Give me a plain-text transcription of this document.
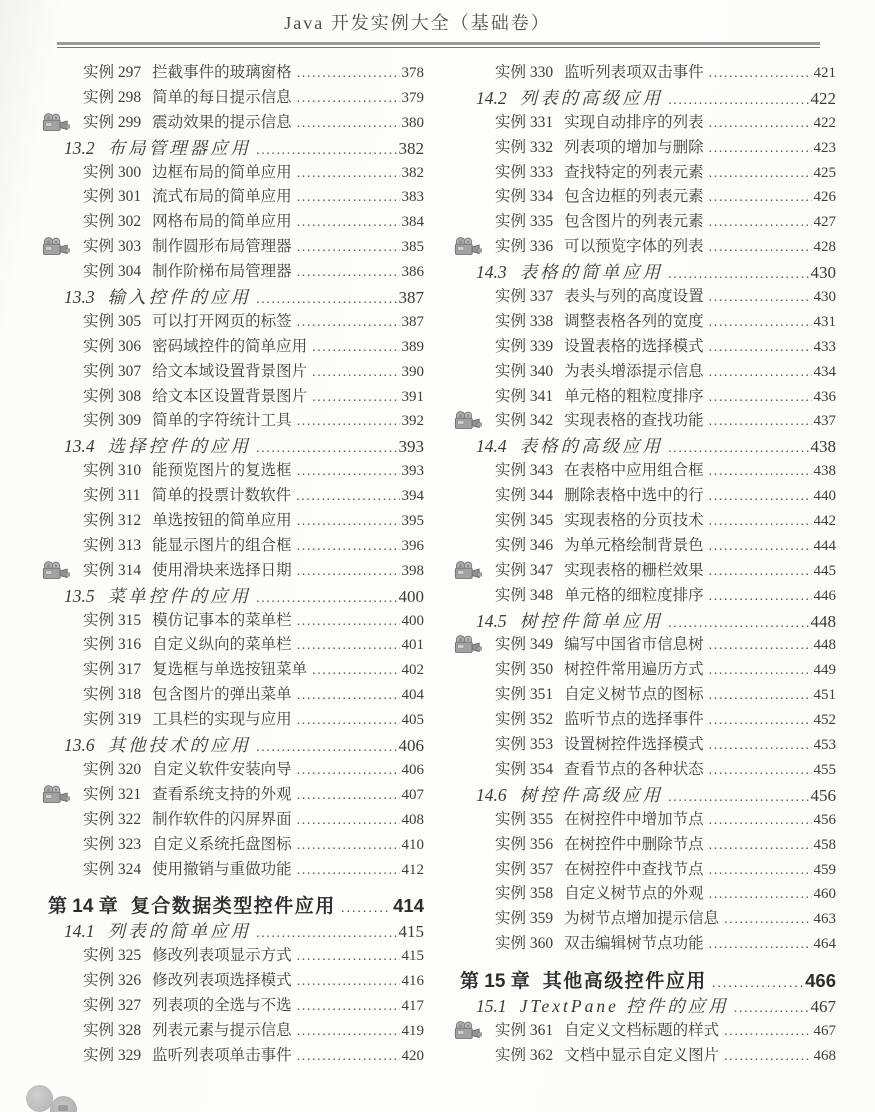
Java 开发实例大全（基础卷）
实例 297 拦截事件的玻璃窗格 .....	378
实例 298 简单的每日提示信息 .....	379
实例 299 震动效果的提示信息 .....	380
13.2 布局管理器应用 .....	382
实例 300 边框布局的简单应用 .....	382
实例 301 流式布局的简单应用 .....	383
实例 302 网格布局的简单应用 .....	384
实例 303 制作圆形布局管理器 .....	385
实例 304 制作阶梯布局管理器 .....	386
13.3 输入控件的应用 .....	387
实例 305 可以打开网页的标签 .....	387
实例 306 密码域控件的简单应用 .....	389
实例 307 给文本域设置背景图片 .....	390
实例 308 给文本区设置背景图片 .....	391
实例 309 简单的字符统计工具 .....	392
13.4 选择控件的应用 .....	393
实例 310 能预览图片的复选框 .....	393
实例 311 简单的投票计数软件 .....	394
实例 312 单选按钮的简单应用 .....	395
实例 313 能显示图片的组合框 .....	396
实例 314 使用滑块来选择日期 .....	398
13.5 菜单控件的应用 .....	400
实例 315 模仿记事本的菜单栏 .....	400
实例 316 自定义纵向的菜单栏 .....	401
实例 317 复选框与单选按钮菜单 .....	402
实例 318 包含图片的弹出菜单 .....	404
实例 319 工具栏的实现与应用 .....	405
13.6 其他技术的应用 .....	406
实例 320 自定义软件安装向导 .....	406
实例 321 查看系统支持的外观 .....	407
实例 322 制作软件的闪屏界面 .....	408
实例 323 自定义系统托盘图标 .....	410
实例 324 使用撤销与重做功能 .....	412
第 14 章 复合数据类型控件应用 .....	414
14.1 列表的简单应用 .....	415
实例 325 修改列表项显示方式 .....	415
实例 326 修改列表项选择模式 .....	416
实例 327 列表项的全选与不选 .....	417
实例 328 列表元素与提示信息 .....	419
实例 329 监听列表项单击事件 .....	420
实例 330 监听列表项双击事件 .....	421
14.2 列表的高级应用 .....	422
实例 331 实现自动排序的列表 .....	422
实例 332 列表项的增加与删除 .....	423
实例 333 查找特定的列表元素 .....	425
实例 334 包含边框的列表元素 .....	426
实例 335 包含图片的列表元素 .....	427
实例 336 可以预览字体的列表 .....	428
14.3 表格的简单应用 .....	430
实例 337 表头与列的高度设置 .....	430
实例 338 调整表格各列的宽度 .....	431
实例 339 设置表格的选择模式 .....	433
实例 340 为表头增添提示信息 .....	434
实例 341 单元格的粗粒度排序 .....	436
实例 342 实现表格的查找功能 .....	437
14.4 表格的高级应用 .....	438
实例 343 在表格中应用组合框 .....	438
实例 344 删除表格中选中的行 .....	440
实例 345 实现表格的分页技术 .....	442
实例 346 为单元格绘制背景色 .....	444
实例 347 实现表格的栅栏效果 .....	445
实例 348 单元格的细粒度排序 .....	446
14.5 树控件简单应用 .....	448
实例 349 编写中国省市信息树 .....	448
实例 350 树控件常用遍历方式 .....	449
实例 351 自定义树节点的图标 .....	451
实例 352 监听节点的选择事件 .....	452
实例 353 设置树控件选择模式 .....	453
实例 354 查看节点的各种状态 .....	455
14.6 树控件高级应用 .....	456
实例 355 在树控件中增加节点 .....	456
实例 356 在树控件中删除节点 .....	458
实例 357 在树控件中查找节点 .....	459
实例 358 自定义树节点的外观 .....	460
实例 359 为树节点增加提示信息 .....	463
实例 360 双击编辑树节点功能 .....	464
第 15 章 其他高级控件应用 .....	466
15.1 JTextPane 控件的应用 .....	467
实例 361 自定义文档标题的样式 .....	467
实例 362 文档中显示自定义图片 .....	468
